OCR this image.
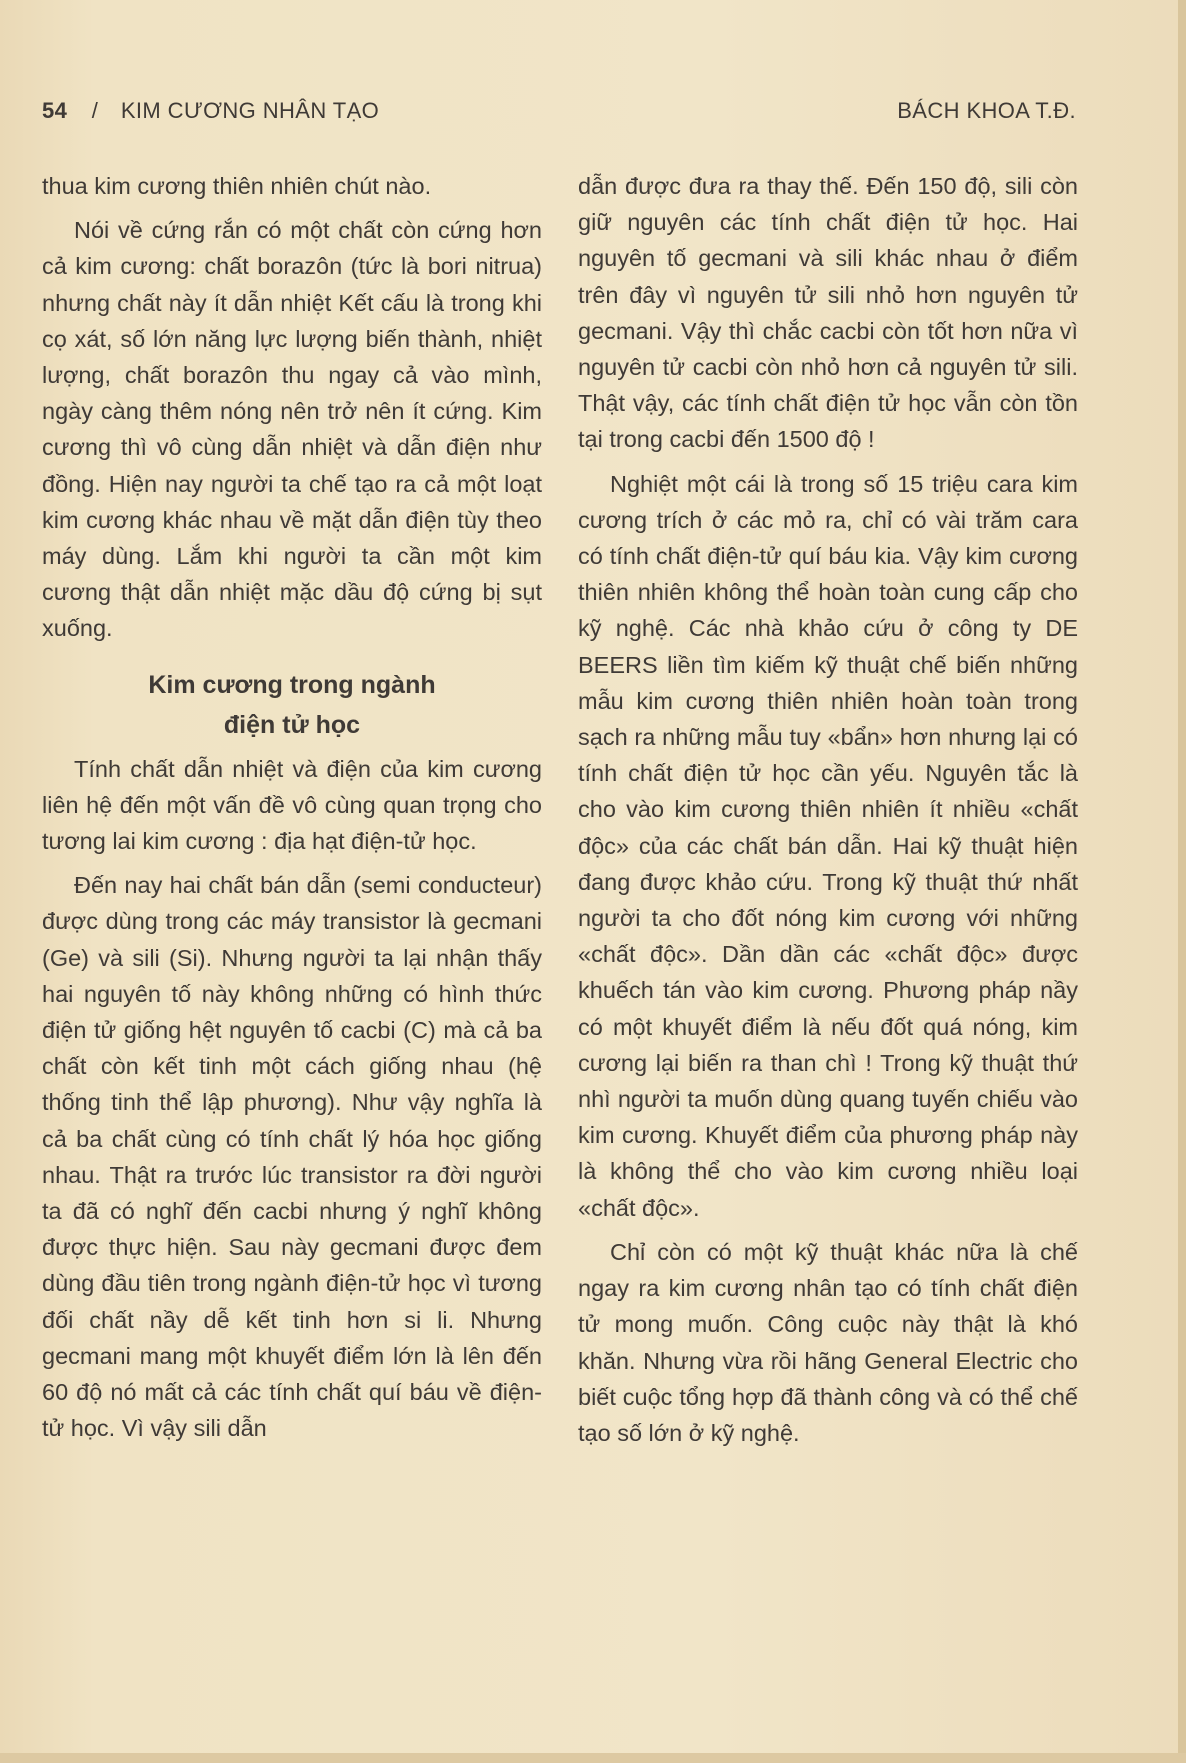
54 / KIM CƯƠNG NHÂN TẠO	BÁCH KHOA T.Đ.

thua kim cương thiên nhiên chút nào.

Nói về cứng rắn có một chất còn cứng hơn cả kim cương: chất borazôn (tức là bori nitrua) nhưng chất này ít dẫn nhiệt Kết cấu là trong khi cọ xát, số lớn năng lực lượng biến thành, nhiệt lượng, chất borazôn thu ngay cả vào mình, ngày càng thêm nóng nên trở nên ít cứng. Kim cương thì vô cùng dẫn nhiệt và dẫn điện như đồng. Hiện nay người ta chế tạo ra cả một loạt kim cương khác nhau về mặt dẫn điện tùy theo máy dùng. Lắm khi người ta cần một kim cương thật dẫn nhiệt mặc dầu độ cứng bị sụt xuống.

Kim cương trong ngành
điện tử học

Tính chất dẫn nhiệt và điện của kim cương liên hệ đến một vấn đề vô cùng quan trọng cho tương lai kim cương : địa hạt điện-tử học.

Đến nay hai chất bán dẫn (semi conducteur) được dùng trong các máy transistor là gecmani (Ge) và sili (Si). Nhưng người ta lại nhận thấy hai nguyên tố này không những có hình thức điện tử giống hệt nguyên tố cacbi (C) mà cả ba chất còn kết tinh một cách giống nhau (hệ thống tinh thể lập phương). Như vậy nghĩa là cả ba chất cùng có tính chất lý hóa học giống nhau. Thật ra trước lúc transistor ra đời người ta đã có nghĩ đến cacbi nhưng ý nghĩ không được thực hiện. Sau này gecmani được đem dùng đầu tiên trong ngành điện-tử học vì tương đối chất nầy dễ kết tinh hơn si li. Nhưng gecmani mang một khuyết điểm lớn là lên đến 60 độ nó mất cả các tính chất quí báu về điện-tử học. Vì vậy sili dẫn

dẫn được đưa ra thay thế. Đến 150 độ, sili còn giữ nguyên các tính chất điện tử học. Hai nguyên tố gecmani và sili khác nhau ở điểm trên đây vì nguyên tử sili nhỏ hơn nguyên tử gecmani. Vậy thì chắc cacbi còn tốt hơn nữa vì nguyên tử cacbi còn nhỏ hơn cả nguyên tử sili. Thật vậy, các tính chất điện tử học vẫn còn tồn tại trong cacbi đến 1500 độ !

Nghiệt một cái là trong số 15 triệu cara kim cương trích ở các mỏ ra, chỉ có vài trăm cara có tính chất điện-tử quí báu kia. Vậy kim cương thiên nhiên không thể hoàn toàn cung cấp cho kỹ nghệ. Các nhà khảo cứu ở công ty DE BEERS liền tìm kiếm kỹ thuật chế biến những mẫu kim cương thiên nhiên hoàn toàn trong sạch ra những mẫu tuy «bẩn» hơn nhưng lại có tính chất điện tử học cần yếu. Nguyên tắc là cho vào kim cương thiên nhiên ít nhiều «chất độc» của các chất bán dẫn. Hai kỹ thuật hiện đang được khảo cứu. Trong kỹ thuật thứ nhất người ta cho đốt nóng kim cương với những «chất độc». Dần dần các «chất độc» được khuếch tán vào kim cương. Phương pháp nầy có một khuyết điểm là nếu đốt quá nóng, kim cương lại biến ra than chì ! Trong kỹ thuật thứ nhì người ta muốn dùng quang tuyến chiếu vào kim cương. Khuyết điểm của phương pháp này là không thể cho vào kim cương nhiều loại «chất độc».

Chỉ còn có một kỹ thuật khác nữa là chế ngay ra kim cương nhân tạo có tính chất điện tử mong muốn. Công cuộc này thật là khó khăn. Nhưng vừa rồi hãng General Electric cho biết cuộc tổng hợp đã thành công và có thể chế tạo số lớn ở kỹ nghệ.
